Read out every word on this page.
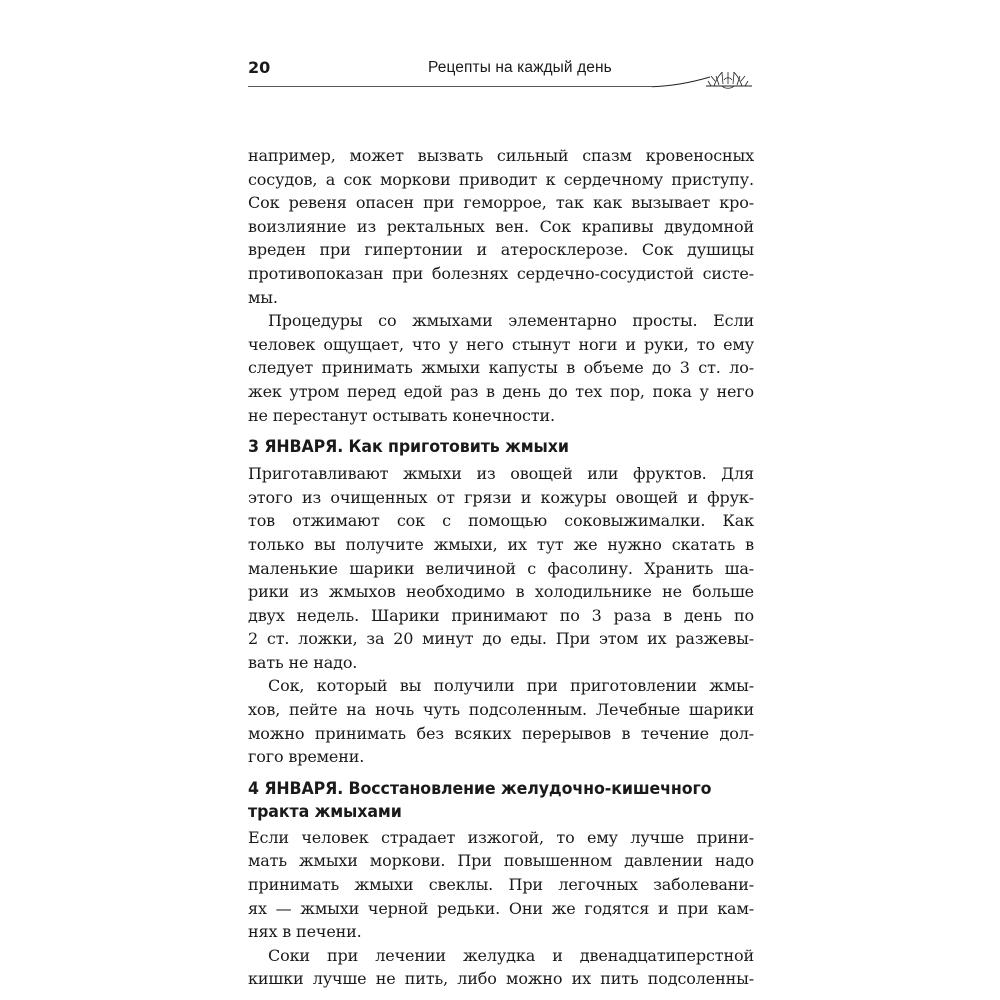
20	Рецепты на каждый день
например, может вызвать сильный спазм кровеносных
сосудов, а сок моркови приводит к сердечному приступу.
Сок ревеня опасен при геморрое, так как вызывает кро-
воизлияние из ректальных вен. Сок крапивы двудомной
вреден при гипертонии и атеросклерозе. Сок душицы
противопоказан при болезнях сердечно-сосудистой систе-
мы.
Процедуры со жмыхами элементарно просты. Если
человек ощущает, что у него стынут ноги и руки, то ему
следует принимать жмыхи капусты в объеме до 3 ст. ло-
жек утром перед едой раз в день до тех пор, пока у него
не перестанут остывать конечности.
3 ЯНВАРЯ. Как приготовить жмыхи
Приготавливают жмыхи из овощей или фруктов. Для
этого из очищенных от грязи и кожуры овощей и фрук-
тов отжимают сок с помощью соковыжималки. Как
только вы получите жмыхи, их тут же нужно скатать в
маленькие шарики величиной с фасолину. Хранить ша-
рики из жмыхов необходимо в холодильнике не больше
двух недель. Шарики принимают по 3 раза в день по
2 ст. ложки, за 20 минут до еды. При этом их разжевы-
вать не надо.
Сок, который вы получили при приготовлении жмы-
хов, пейте на ночь чуть подсоленным. Лечебные шарики
можно принимать без всяких перерывов в течение дол-
гого времени.
4 ЯНВАРЯ. Восстановление желудочно-кишечного
тракта жмыхами
Если человек страдает изжогой, то ему лучше прини-
мать жмыхи моркови. При повышенном давлении надо
принимать жмыхи свеклы. При легочных заболевани-
ях — жмыхи черной редьки. Они же годятся и при кам-
нях в печени.
Соки при лечении желудка и двенадцатиперстной
кишки лучше не пить, либо можно их пить подсоленны-
